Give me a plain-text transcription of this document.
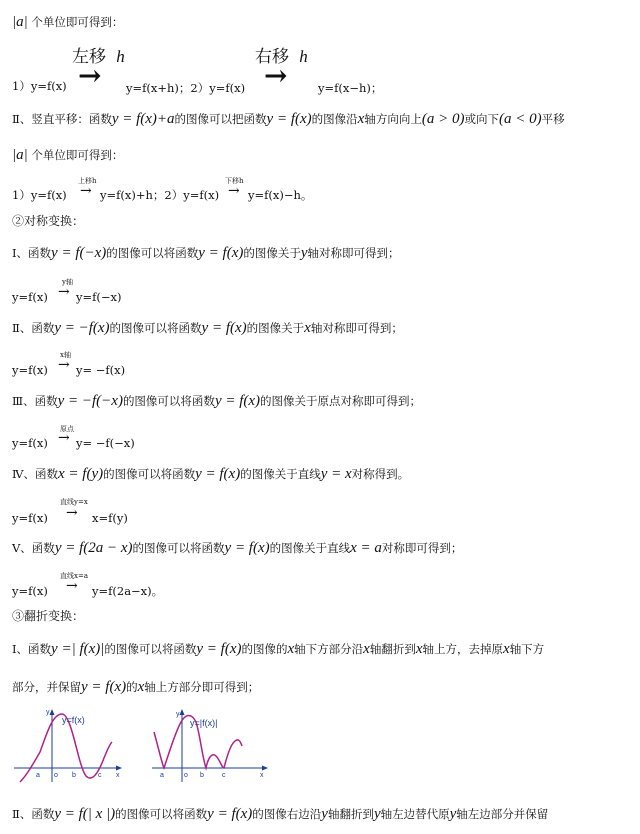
|a| 个单位即可得到：
左移 h	右移 h
1）y=f(x) → y=f(x+h)；2）y=f(x) →	y=f(x−h)；
Ⅱ、竖直平移：函数y = f(x)+a的图像可以把函数y = f(x)的图像沿x轴方向向上(a > 0)或向下(a < 0)平移
|a| 个单位即可得到：
上移h	下移h
1）y=f(x) → y=f(x)+h；2）y=f(x) → y=f(x)−h。
②对称变换：
Ⅰ、函数y = f(−x)的图像可以将函数y = f(x)的图像关于y轴对称即可得到；
y轴
y=f(x) → y=f(−x)
Ⅱ、函数y = −f(x)的图像可以将函数y = f(x)的图像关于x轴对称即可得到；
x轴
y=f(x) → y= −f(x)
Ⅲ、函数y = −f(−x)的图像可以将函数y = f(x)的图像关于原点对称即可得到；
原点
y=f(x) → y= −f(−x)
Ⅳ、函数x = f(y)的图像可以将函数y = f(x)的图像关于直线y = x对称得到。
直线y=x
y=f(x) → x=f(y)
Ⅴ、函数y = f(2a − x)的图像可以将函数y = f(x)的图像关于直线x = a对称即可得到；
直线x=a
y=f(x) → y=f(2a−x)。
③翻折变换：
Ⅰ、函数y =| f(x)|的图像可以将函数y = f(x)的图像的x轴下方部分沿x轴翻折到x轴上方，去掉原x轴下方
部分，并保留y = f(x)的x轴上方部分即可得到；
y=f(x)
y
x
a o b	c
y=|f(x)|
y
x
a	o b	c
Ⅱ、函数y = f(| x |)的图像可以将函数y = f(x)的图像右边沿y轴翻折到y轴左边替代原y轴左边部分并保留
